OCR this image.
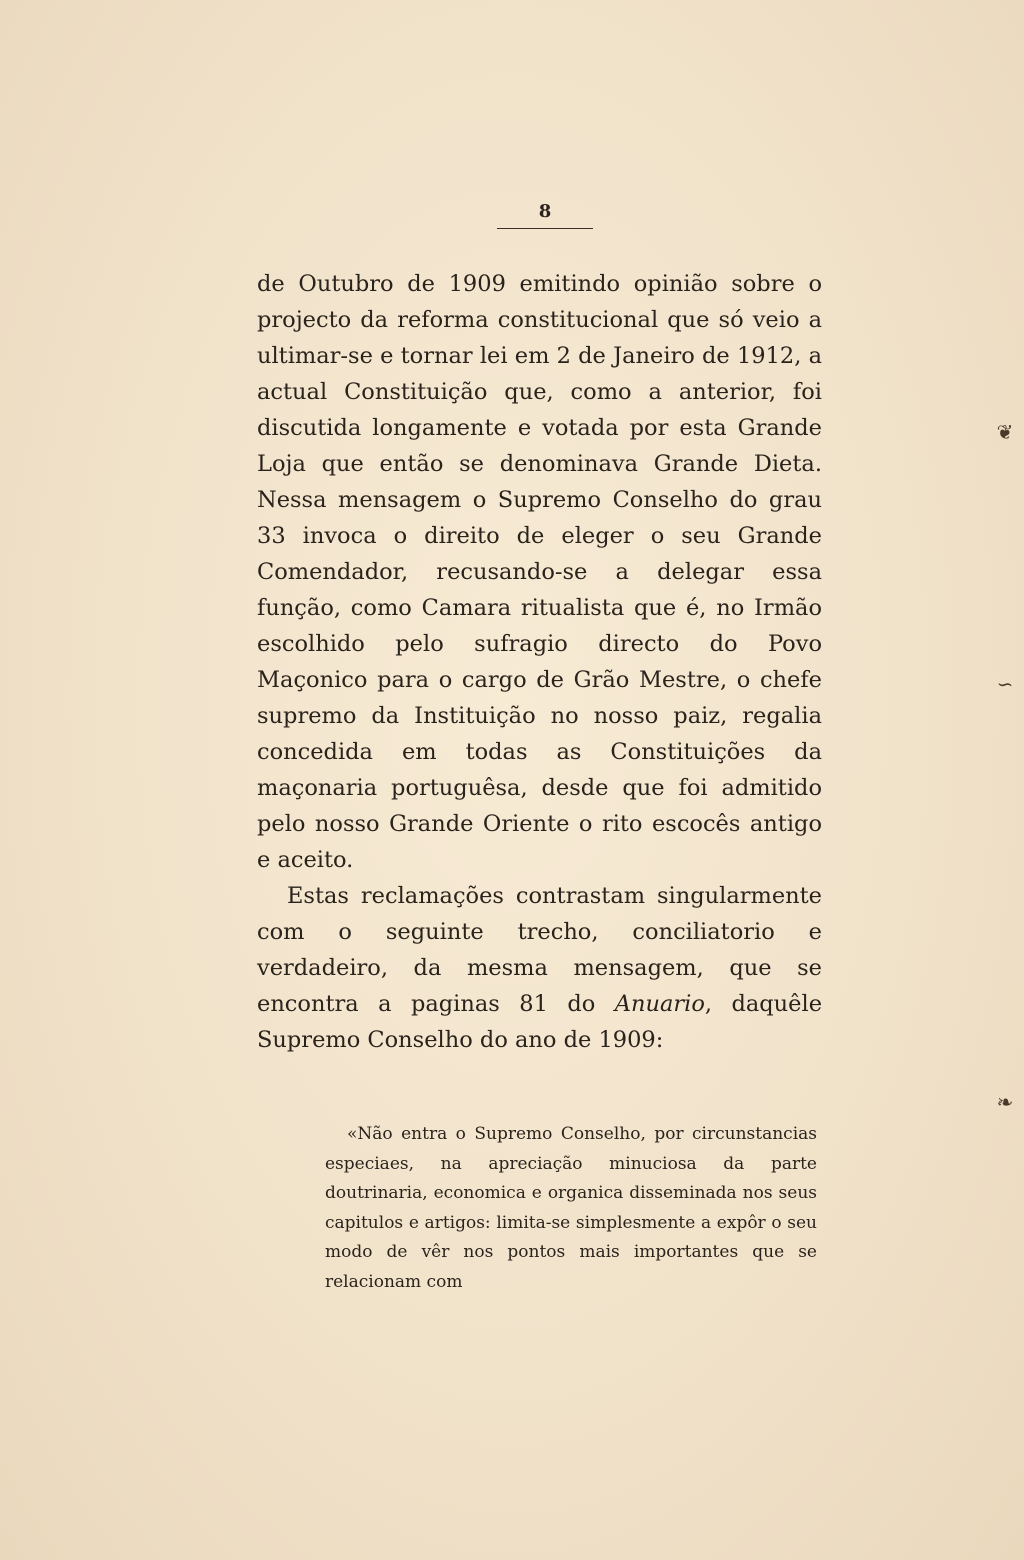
8

de Outubro de 1909 emitindo opinião sobre o projecto da reforma constitucional que só veio a ultimar-se e tornar lei em 2 de Janeiro de 1912, a actual Constituição que, como a anterior, foi discutida longamente e votada por esta Grande Loja que então se denominava Grande Dieta. Nessa mensagem o Supremo Conselho do grau 33 invoca o direito de eleger o seu Grande Comendador, recusando-se a delegar essa função, como Camara ritualista que é, no Irmão escolhido pelo sufragio directo do Povo Maçonico para o cargo de Grão Mestre, o chefe supremo da Instituição no nosso paiz, regalia concedida em todas as Constituições da maçonaria portuguêsa, desde que foi admitido pelo nosso Grande Oriente o rito escocês antigo e aceito.

Estas reclamações contrastam singularmente com o seguinte trecho, conciliatorio e verdadeiro, da mesma mensagem, que se encontra a paginas 81 do Anuario, daquêle Supremo Conselho do ano de 1909:

«Não entra o Supremo Conselho, por circunstancias especiaes, na apreciação minuciosa da parte doutrinaria, economica e organica disseminada nos seus capitulos e artigos: limita-se simplesmente a expôr o seu modo de vêr nos pontos mais importantes que se relacionam com

❦
∽
❧
